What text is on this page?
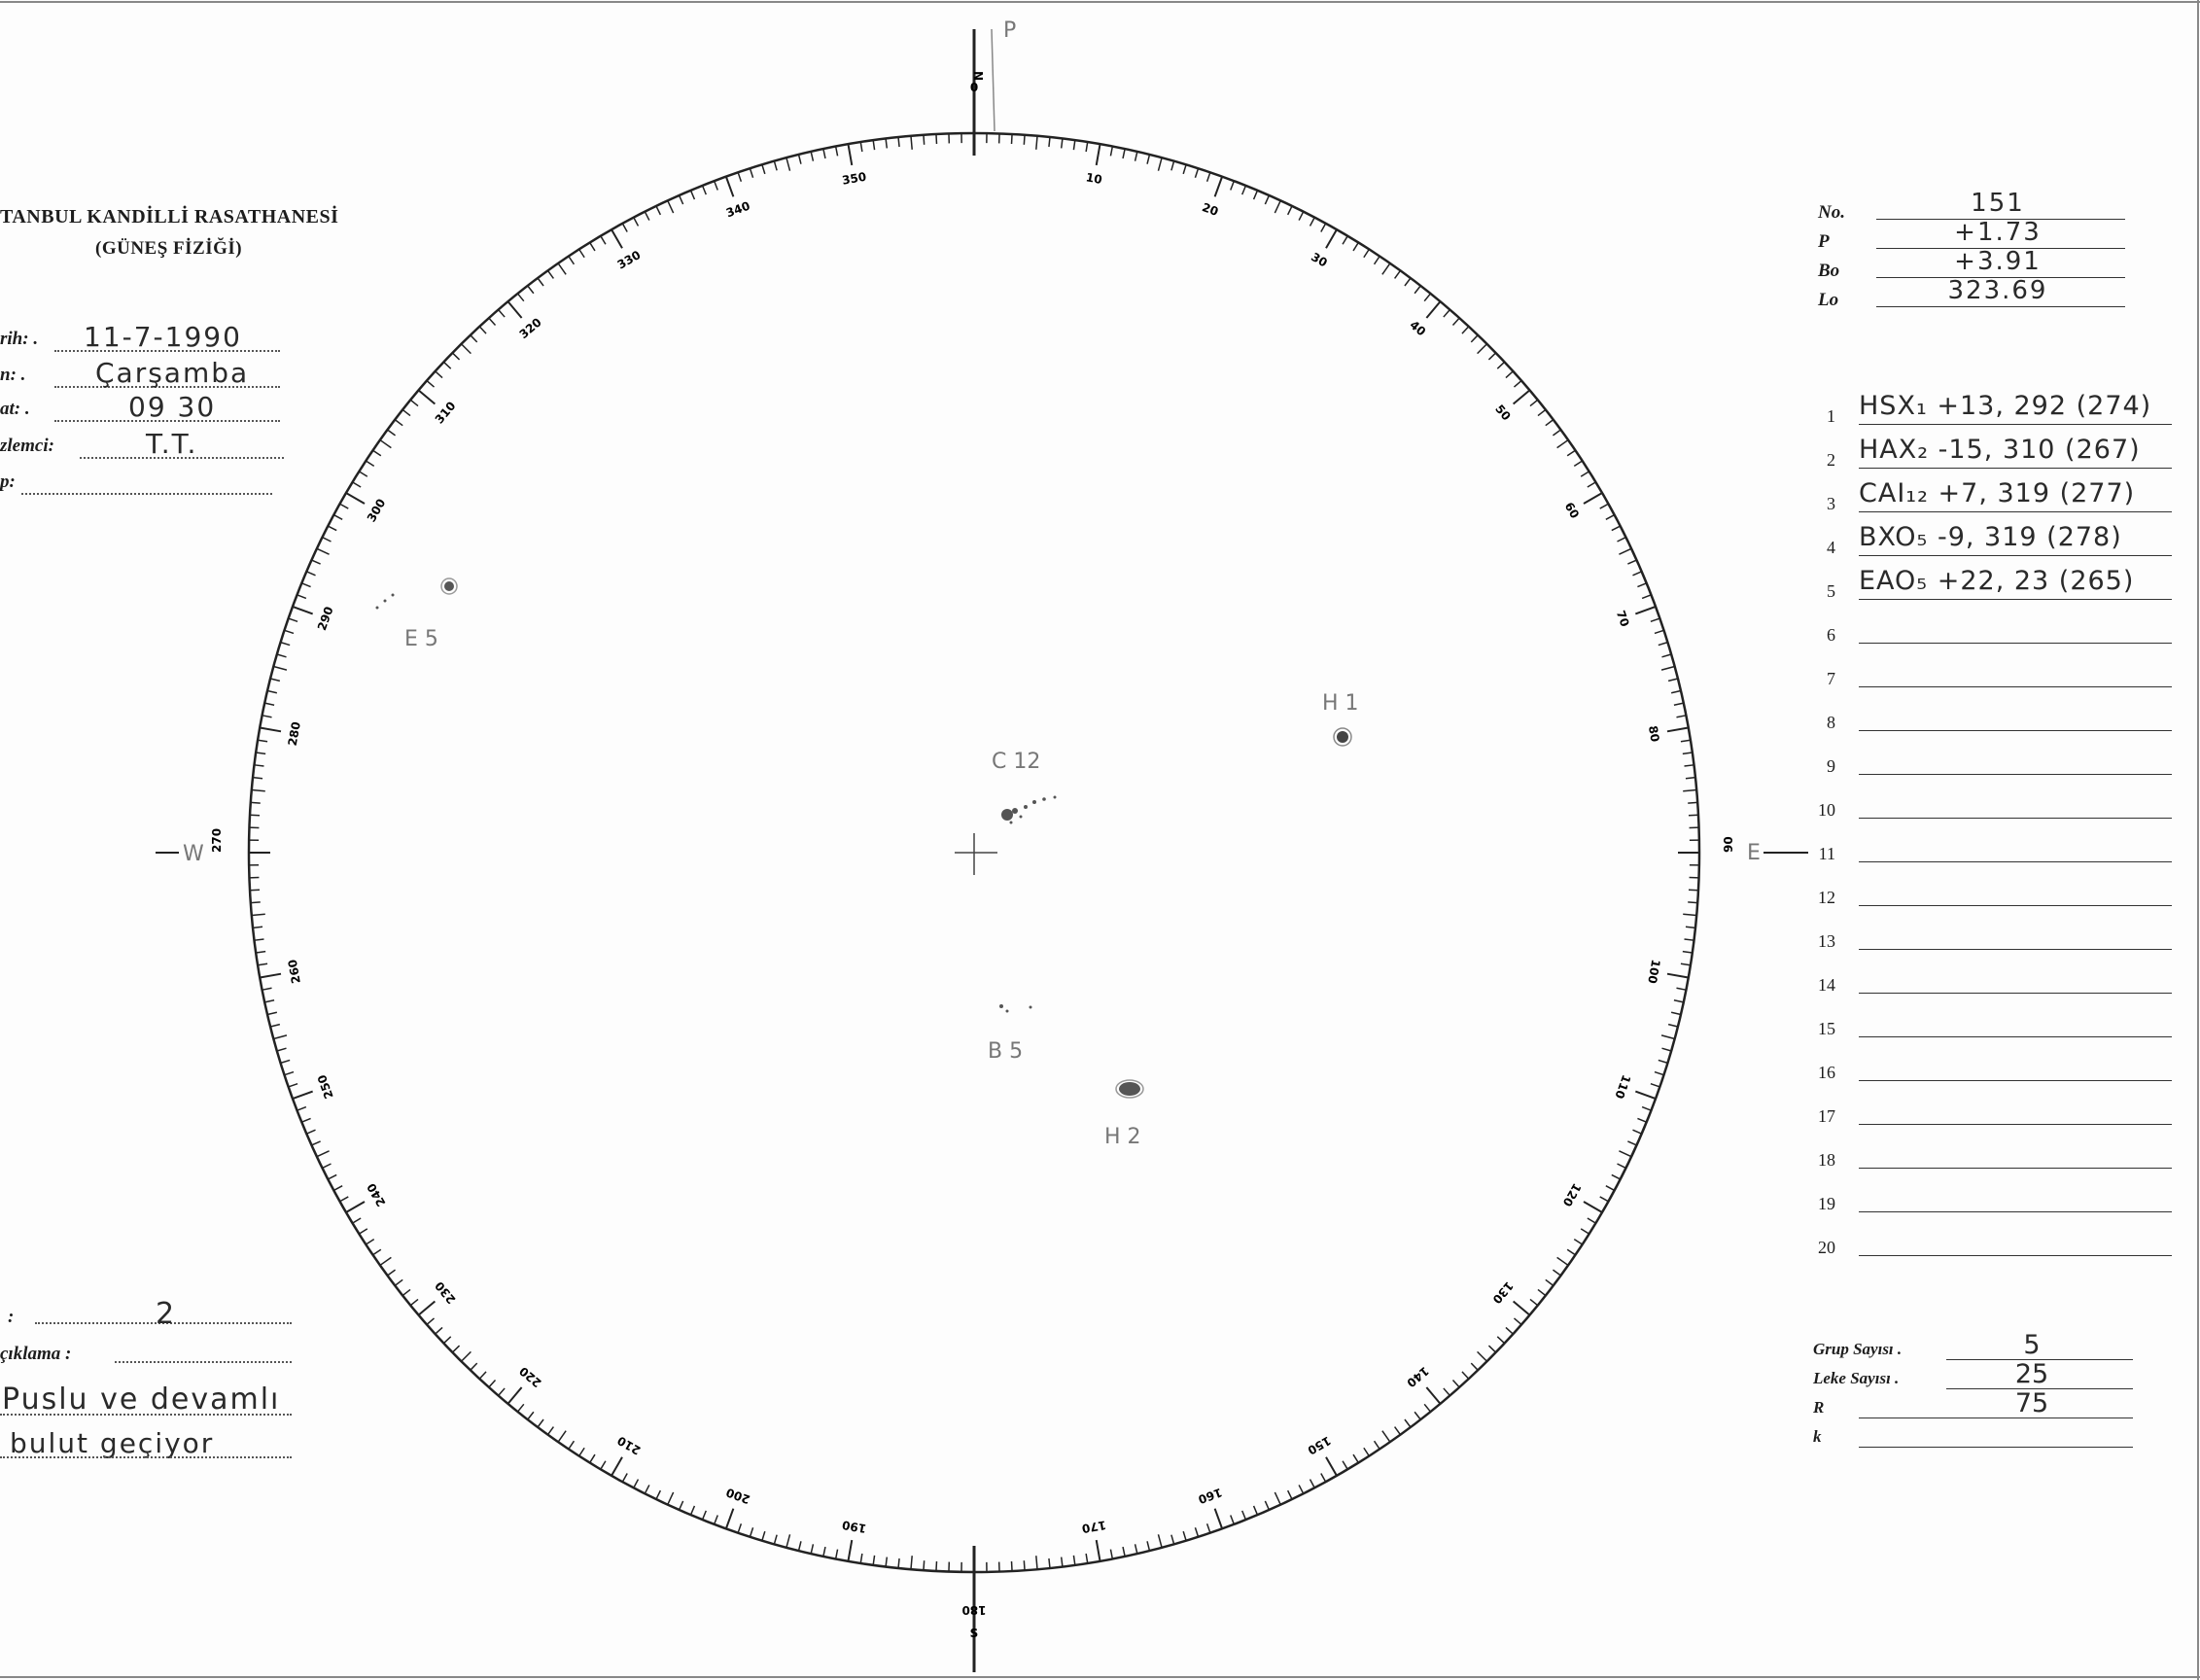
10
20
30
40
50
60
70
80
100
110
120
130
140
150
160
170
190
200
210
220
230
240
250
260
280
290
300
310
320
330
340
350
P
N
0
S
180
E
90
W
270
H 1
C 12
B 5
H 2
E 5
TANBUL KANDİLLİ RASATHANESİ
(GÜNEŞ FİZİĞİ)
rih: . 11-7-1990
n: .	Çarşamba
at: .	09 30
zlemci:	T.T.
p:
No.	151
P	+1.73
Bo	+3.91
Lo	323.69
1 HSX₁ +13, 292 (274)
2 HAX₂ -15, 310 (267)
3 CAI₁₂ +7, 319 (277)
4 BXO₅ -9, 319 (278)
5 EAO₅ +22, 23 (265)
6
7
8
9
10
11
12
13
14
15
16
17
18
19
20
Grup Sayısı .	5
Leke Sayısı .	25
R	75
k
:	2
çıklama :
Puslu ve devamlı
bulut geçiyor
